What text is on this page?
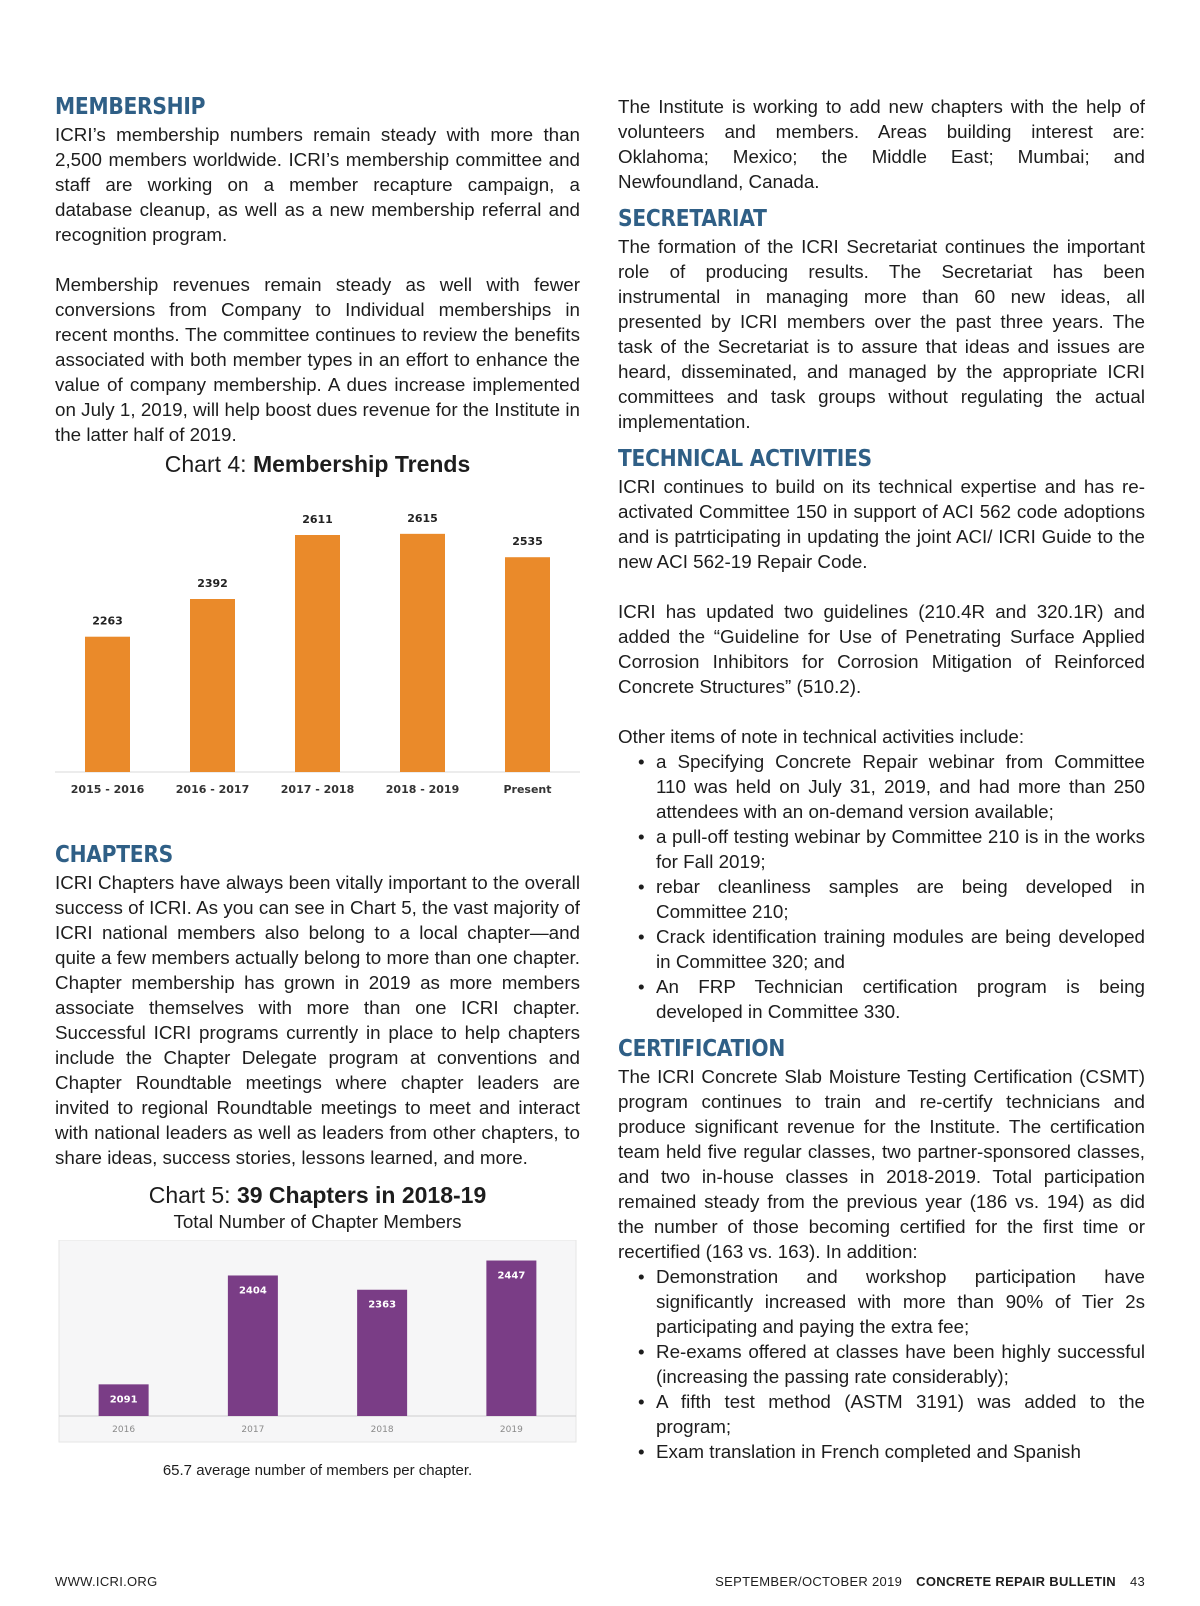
MEMBERSHIP

ICRI’s membership numbers remain steady with more than 2,500 members worldwide. ICRI’s membership committee and staff are working on a member recapture campaign, a database cleanup, as well as a new membership referral and recognition program.

Membership revenues remain steady as well with fewer conversions from Company to Individual memberships in recent months. The committee continues to review the benefits associated with both member types in an effort to enhance the value of company membership. A dues increase implemented on July 1, 2019, will help boost dues revenue for the Institute in the latter half of 2019.

Chart 4: Membership Trends
2263
2015 - 2016
2392
2016 - 2017
2611
2017 - 2018
2615
2018 - 2019
2535
Present
CHAPTERS

ICRI Chapters have always been vitally important to the overall success of ICRI. As you can see in Chart 5, the vast majority of ICRI national members also belong to a local chapter—and quite a few members actually belong to more than one chapter. Chapter membership has grown in 2019 as more members associate themselves with more than one ICRI chapter. Successful ICRI programs currently in place to help chapters include the Chapter Delegate program at conventions and Chapter Roundtable meetings where chapter leaders are invited to regional Roundtable meetings to meet and interact with national leaders as well as leaders from other chapters, to share ideas, success stories, lessons learned, and more.

Chart 5: 39 Chapters in 2018-19
Total Number of Chapter Members
2091
2016
2404
2017
2363
2018
2447
2019
65.7 average number of members per chapter.

The Institute is working to add new chapters with the help of volunteers and members. Areas building interest are: Oklahoma; Mexico; the Middle East; Mumbai; and Newfoundland, Canada.

SECRETARIAT

The formation of the ICRI Secretariat continues the important role of producing results. The Secretariat has been instrumental in managing more than 60 new ideas, all presented by ICRI members over the past three years. The task of the Secretariat is to assure that ideas and issues are heard, disseminated, and managed by the appropriate ICRI committees and task groups without regulating the actual implementation.

TECHNICAL ACTIVITIES

ICRI continues to build on its technical expertise and has re-activated Committee 150 in support of ACI 562 code adoptions and is patrticipating in updating the joint ACI/ ICRI Guide to the new ACI 562-19 Repair Code.

ICRI has updated two guidelines (210.4R and 320.1R) and added the “Guideline for Use of Penetrating Surface Applied Corrosion Inhibitors for Corrosion Mitigation of Reinforced Concrete Structures” (510.2).

Other items of note in technical activities include:

• a Specifying Concrete Repair webinar from Committee 110 was held on July 31, 2019, and had more than 250 attendees with an on-demand version available;
• a pull-off testing webinar by Committee 210 is in the works for Fall 2019;
• rebar cleanliness samples are being developed in Committee 210;
• Crack identification training modules are being developed in Committee 320; and
• An FRP Technician certification program is being developed in Committee 330.
CERTIFICATION

The ICRI Concrete Slab Moisture Testing Certification (CSMT) program continues to train and re-certify technicians and produce significant revenue for the Institute. The certification team held five regular classes, two partner-sponsored classes, and two in-house classes in 2018-2019. Total participation remained steady from the previous year (186 vs. 194) as did the number of those becoming certified for the first time or recertified (163 vs. 163). In addition:

• Demonstration and workshop participation have significantly increased with more than 90% of Tier 2s participating and paying the extra fee;
• Re-exams offered at classes have been highly successful (increasing the passing rate considerably);
• A fifth test method (ASTM 3191) was added to the program;
• Exam translation in French completed and Spanish
WWW.ICRI.ORG	SEPTEMBER/OCTOBER 2019 CONCRETE REPAIR BULLETIN 43
